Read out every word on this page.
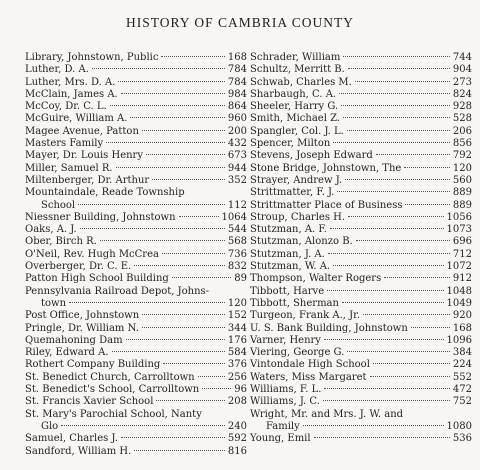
HISTORY OF CAMBRIA COUNTY
Library, Johnstown, Public	168
Luther, D. A.	784
Luther, Mrs. D. A.	784
McClain, James A.	984
McCoy, Dr. C. L.	864
McGuire, William A.	960
Magee Avenue, Patton	200
Masters Family	432
Mayer, Dr. Louis Henry	673
Miller, Samuel R.	944
Miltenberger, Dr. Arthur	352
Mountaindale, Reade Township
School	112
Niessner Building, Johnstown	1064
Oaks, A. J.	544
Ober, Birch R.	568
O'Neil, Rev. Hugh McCrea	736
Overberger, Dr. C. E.	832
Patton High School Building	89
Pennsylvania Railroad Depot, Johns-
town	120
Post Office, Johnstown	152
Pringle, Dr. William N.	344
Quemahoning Dam	176
Riley, Edward A.	584
Rothert Company Building	376
St. Benedict Church, Carrolltown	256
St. Benedict's School, Carrolltown	96
St. Francis Xavier School	208
St. Mary's Parochial School, Nanty
Glo	240
Samuel, Charles J.	592
Sandford, William H.	816
Schrader, William	744
Schultz, Merritt B.	904
Schwab, Charles M.	273
Sharbaugh, C. A.	824
Sheeler, Harry G.	928
Smith, Michael Z.	528
Spangler, Col. J. L.	206
Spencer, Milton	856
Stevens, Joseph Edward	792
Stone Bridge, Johnstown, The	120
Strayer, Andrew J.	560
Strittmatter, F. J.	889
Strittmatter Place of Business	889
Stroup, Charles H.	1056
Stutzman, A. F.	1073
Stutzman, Alonzo B.	696
Stutzman, J. A.	712
Stutzman, W. A.	1072
Thompson, Walter Rogers	912
Tibbott, Harve	1048
Tibbott, Sherman	1049
Turgeon, Frank A., Jr.	920
U. S. Bank Building, Johnstown	168
Varner, Henry	1096
Viering, George G.	384
Vintondale High School	224
Waters, Miss Margaret	552
Williams, F. L.	472
Williams, J. C.	752
Wright, Mr. and Mrs. J. W. and
Family	1080
Young, Emil	536
